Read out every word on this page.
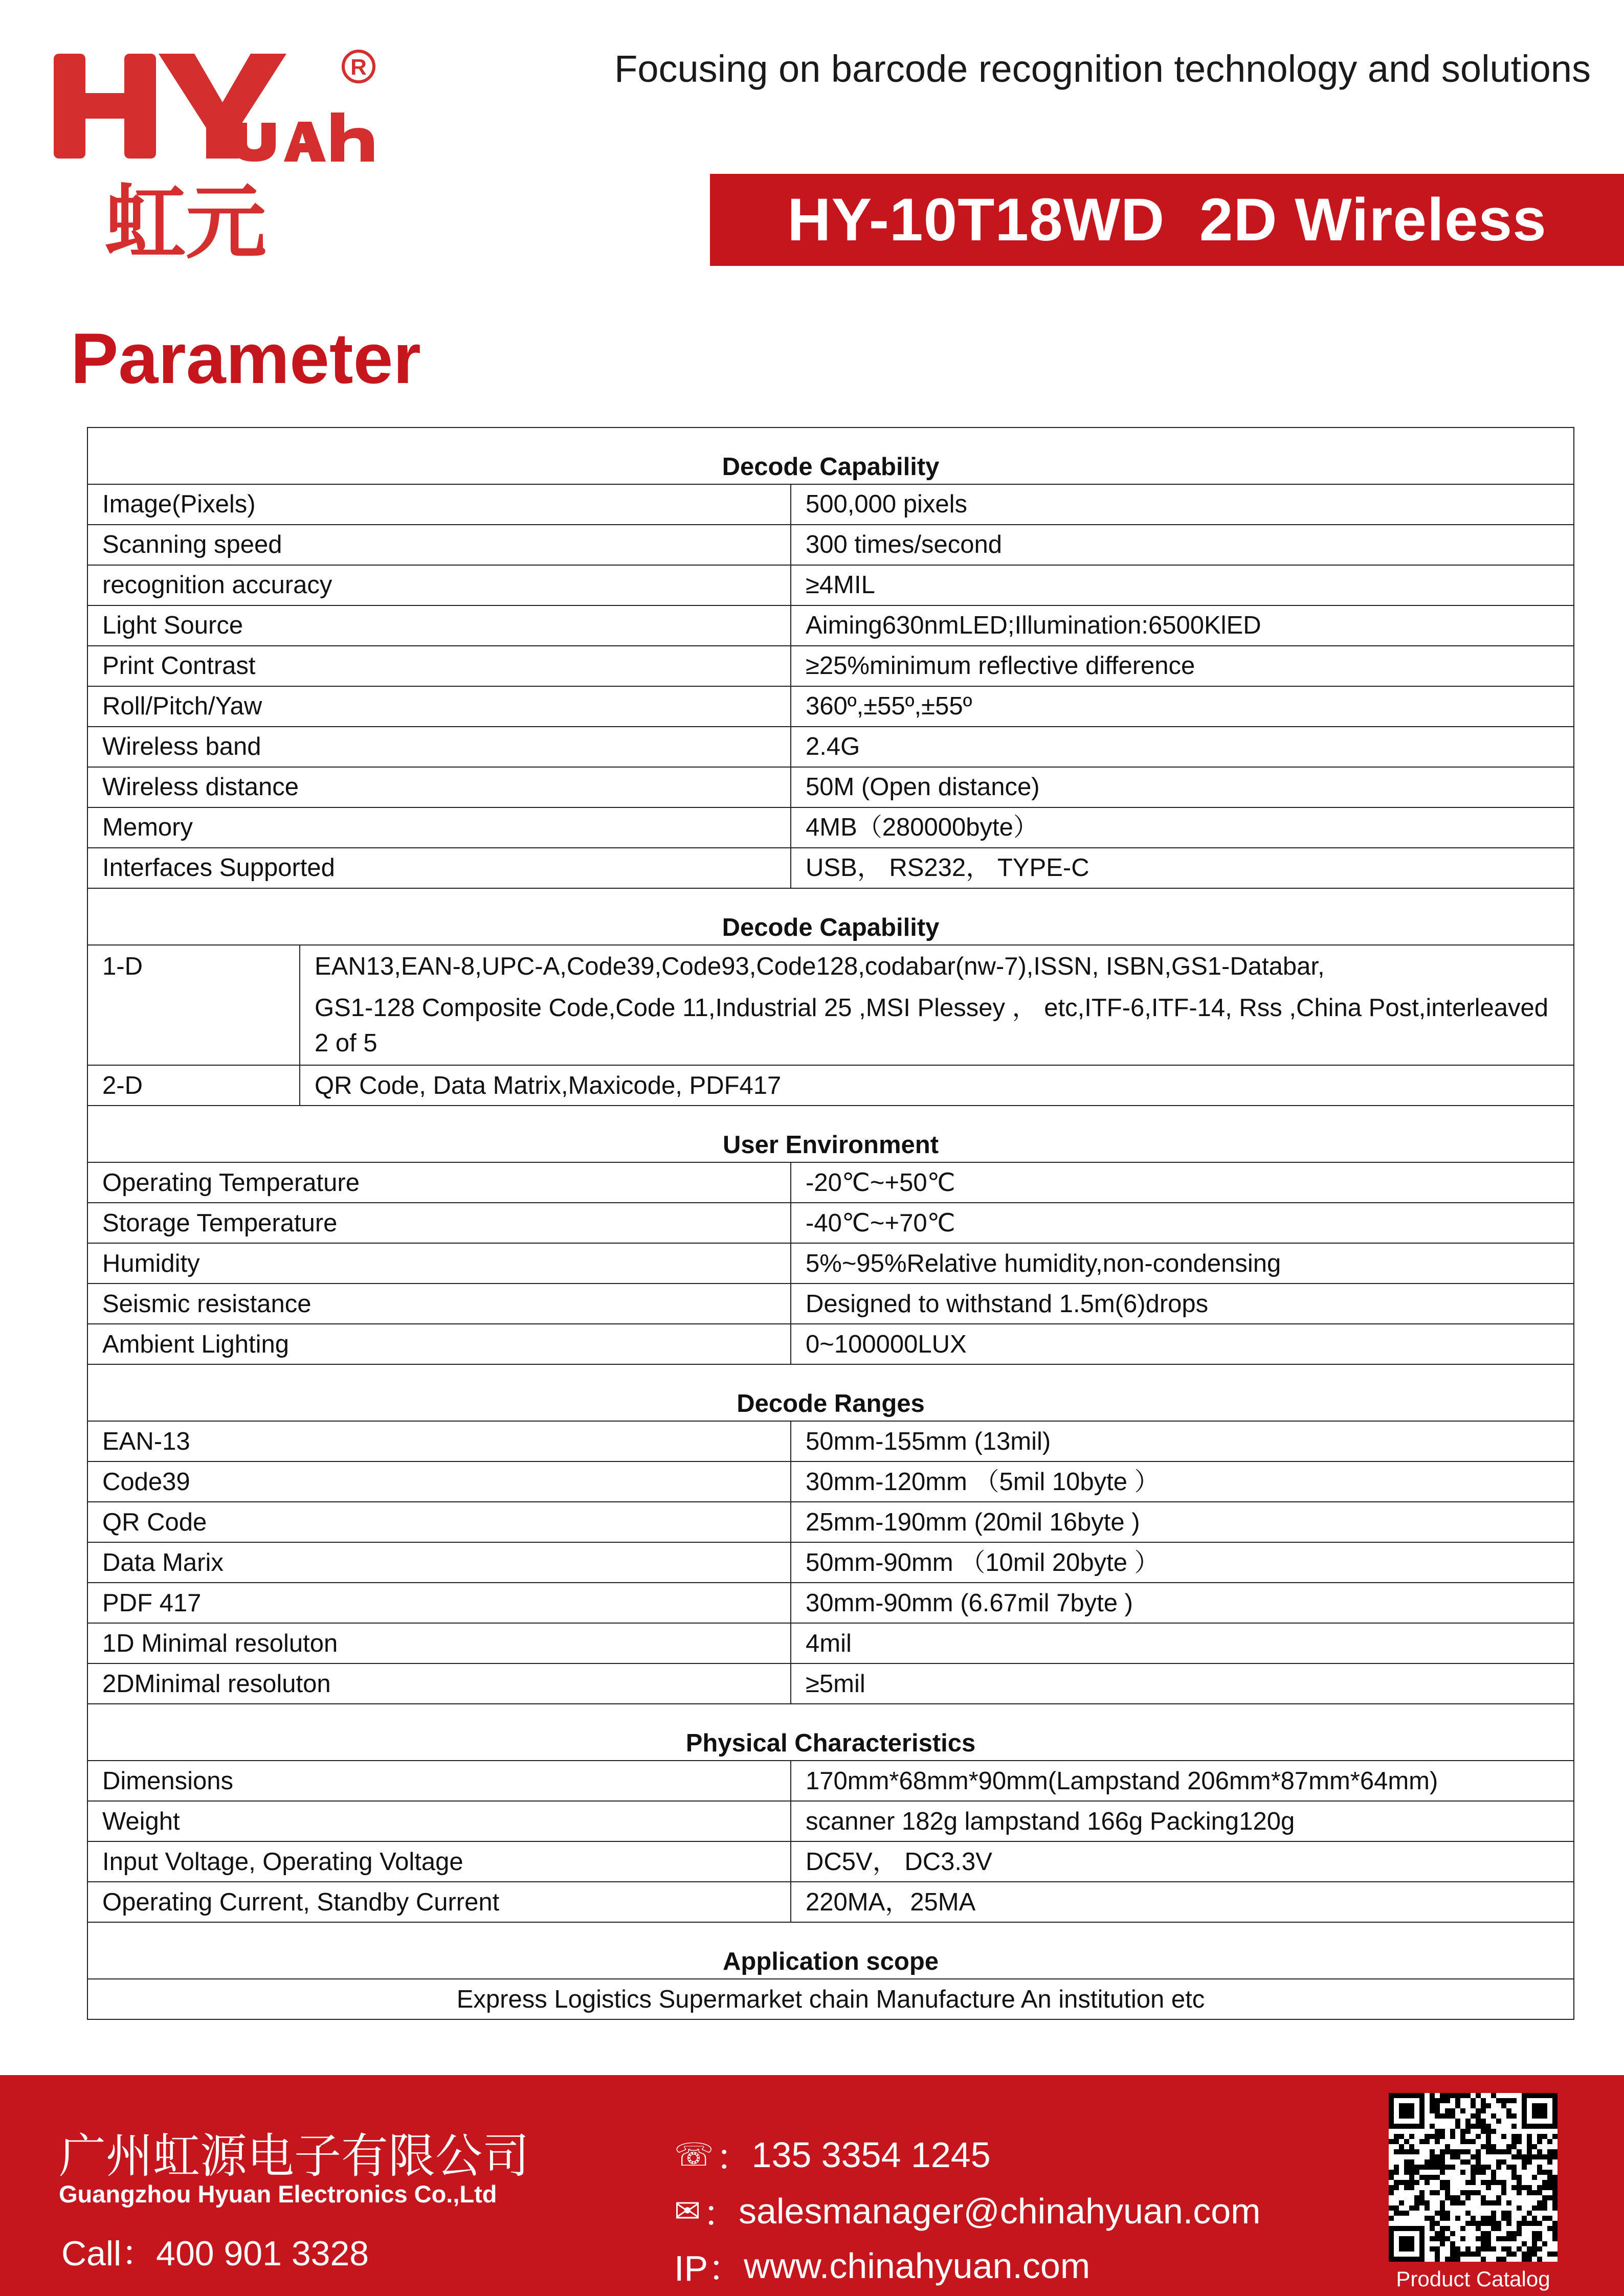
R
虹元
Focusing on barcode recognition technology and solutions
HY-10T18WD  2D Wireless
Parameter
Decode Capability		
Image(Pixels)		500,000 pixels
Scanning speed		300 times/second
recognition accuracy		≥4MIL
Light Source		Aiming630nmLED;Illumination:6500KlED
Print Contrast		≥25%minimum reflective difference
Roll/Pitch/Yaw		360º,±55º,±55º
Wireless band		2.4G
Wireless distance		50M (Open distance)
Memory		4MB（280000byte）
Interfaces Supported		USB， RS232， TYPE-C
Decode Capability		
1-D	EAN13,EAN-8,UPC-A,Code39,Code93,Code128,codabar(nw-7),ISSN, ISBN,GS1-Databar,
GS1-128 Composite Code,Code 11,Industrial 25 ,MSI Plessey ， etc,ITF-6,ITF-14, Rss ,China Post,interleaved 2 of 5	

2-D	QR Code, Data Matrix,Maxicode, PDF417	
User Environment		
Operating Temperature		-20℃~+50℃
Storage Temperature		-40℃~+70℃
Humidity		5%~95%Relative humidity,non-condensing
Seismic resistance		Designed to withstand 1.5m(6)drops
Ambient Lighting		0~100000LUX
Decode Ranges		
EAN-13		50mm-155mm (13mil)
Code39		30mm-120mm （5mil 10byte ）
QR Code		25mm-190mm (20mil 16byte )
Data Marix		50mm-90mm （10mil 20byte ）
PDF 417		30mm-90mm (6.67mil 7byte )
1D Minimal resoluton		4mil
2DMinimal resoluton		≥5mil
Physical Characteristics		
Dimensions		170mm*68mm*90mm(Lampstand 206mm*87mm*64mm)
Weight		scanner 182g lampstand 166g Packing120g
Input Voltage, Operating Voltage		DC5V， DC3.3V
Operating Current, Standby Current		220MA，25MA
Application scope		
Express Logistics Supermarket chain Manufacture An institution etc		
广州虹源电子有限公司
Guangzhou Hyuan Electronics Co.,Ltd
Call：400 901 3328
☏ ： 135 3354 1245
✉ ： salesmanager@chinahyuan.com
IP： www.chinahyuan.com	Product Catalog
